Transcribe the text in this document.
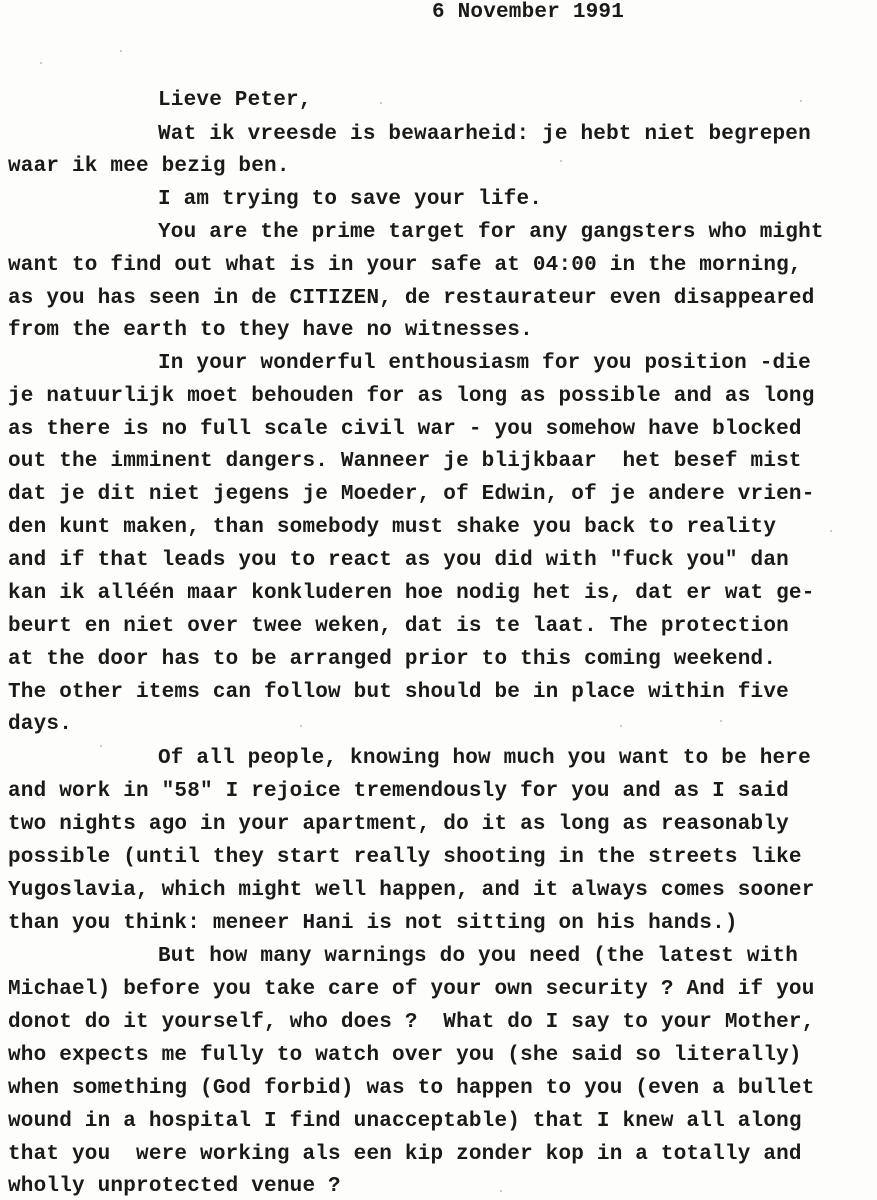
6 November 1991
Lieve Peter,
Wat ik vreesde is bewaarheid: je hebt niet begrepen
waar ik mee bezig ben.
I am trying to save your life.
You are the prime target for any gangsters who might
want to find out what is in your safe at 04:00 in the morning,
as you has seen in de CITIZEN, de restaurateur even disappeared
from the earth to they have no witnesses.
In your wonderful enthousiasm for you position -die
je natuurlijk moet behouden for as long as possible and as long
as there is no full scale civil war - you somehow have blocked
out the imminent dangers. Wanneer je blijkbaar  het besef mist
dat je dit niet jegens je Moeder, of Edwin, of je andere vrien-
den kunt maken, than somebody must shake you back to reality
and if that leads you to react as you did with "fuck you" dan
kan ik alléén maar konkluderen hoe nodig het is, dat er wat ge-
beurt en niet over twee weken, dat is te laat. The protection
at the door has to be arranged prior to this coming weekend.
The other items can follow but should be in place within five
days.
Of all people, knowing how much you want to be here
and work in "58" I rejoice tremendously for you and as I said
two nights ago in your apartment, do it as long as reasonably
possible (until they start really shooting in the streets like
Yugoslavia, which might well happen, and it always comes sooner
than you think: meneer Hani is not sitting on his hands.)
But how many warnings do you need (the latest with
Michael) before you take care of your own security ? And if you
donot do it yourself, who does ?  What do I say to your Mother,
who expects me fully to watch over you (she said so literally)
when something (God forbid) was to happen to you (even a bullet
wound in a hospital I find unacceptable) that I knew all along
that you  were working als een kip zonder kop in a totally and
wholly unprotected venue ?
